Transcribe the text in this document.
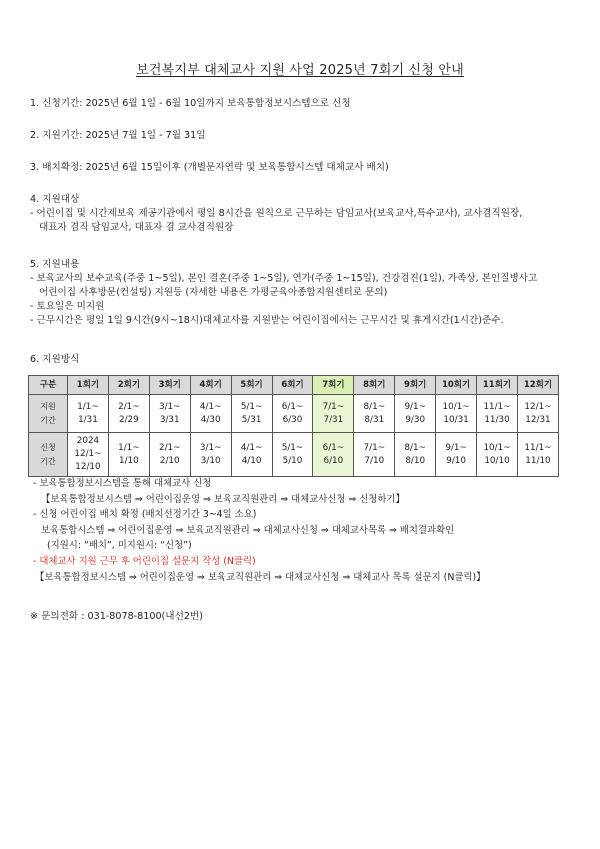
보건복지부 대체교사 지원 사업 2025년 7회기 신청 안내
1. 신청기간: 2025년 6월 1일 - 6월 10일까지 보육통합정보시스템으로 신청
2. 지원기간: 2025년 7월 1일 - 7월 31일
3. 배치확정: 2025년 6월 15일이후 (개별문자연락 및 보육통합시스템 대체교사 배치)
4. 지원대상
- 어린이집 및 시간제보육 제공기관에서 평일 8시간을 원칙으로 근무하는 담임교사(보육교사,특수교사), 교사겸직원장,
대표자 겸직 담임교사, 대표자 겸 교사겸직원장
5. 지원내용
- 보육교사의 보수교육(주중 1~5일), 본인 결혼(주중 1~5일), 연가(주중 1~15일), 건강검진(1일), 가족상, 본인질병사고
어린이집 사후방문(컨설팅) 지원등 (자세한 내용은 가평군육아종합지원센터로 문의)
- 토요일은 미지원
- 근무시간은 평일 1일 9시간(9시~18시)대체교사를 지원받는 어린이집에서는 근무시간 및 휴게시간(1시간)준수.
6. 지원방식
구분	1회기	2회기	3회기	4회기	5회기	6회기	7회기	8회기	9회기	10회기	11회기	12회기

지원
기간	1/1~
1/31	2/1~
2/29	3/1~
3/31	4/1~
4/30	5/1~
5/31	6/1~
6/30	7/1~
7/31	8/1~
8/31	9/1~
9/30	10/1~
10/31	11/1~
11/30	12/1~
12/31

신청
기간	2024
12/1~
12/10	1/1~
1/10	2/1~
2/10	3/1~
3/10	4/1~
4/10	5/1~
5/10	6/1~
6/10	7/1~
7/10	8/1~
8/10	9/1~
9/10	10/1~
10/10	11/1~
11/10
- 보육통합정보시스템을 통해 대체교사 신청
【보육통합정보시스템 ⇒ 어린이집운영 ⇒ 보육교직원관리 ⇒ 대체교사신청 ⇒ 신청하기】
- 신청 어린이집 배치 확정 (배치선정기간 3~4일 소요)
보육통합시스템 ⇒ 어린이집운영 ⇒ 보육교직원관리 ⇒ 대체교사신청 ⇒ 대체교사목록 ⇒ 배치결과확인
(지원시: “배치”, 미지원시: “신청”)
- 대체교사 지원 근무 후 어린이집 설문지 작성 (N클릭)
【보육통합정보시스템 ⇒ 어린이집운영 ⇒ 보육교직원관리 ⇒ 대체교사신청 ⇒ 대체교사 목록 설문지 (N클릭)】
※ 문의전화 : 031-8078-8100(내선2번)
